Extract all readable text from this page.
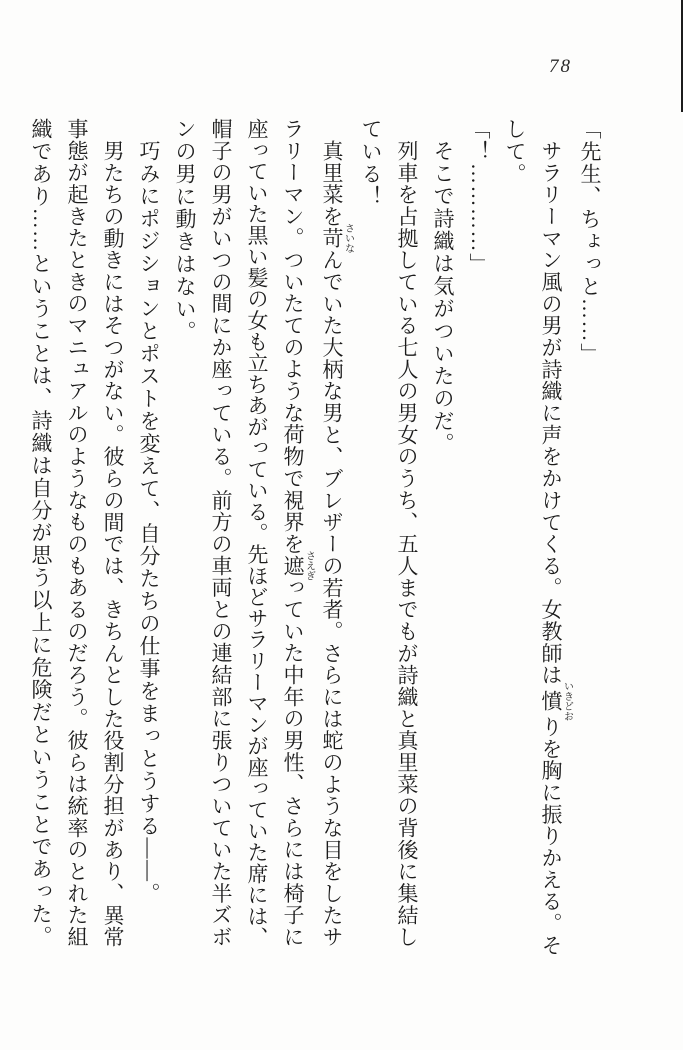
78
「先生、ちょっと……」
サラリーマン風の男が詩織に声をかけてくる。女教師は憤いきどおりを胸に振りかえる。そ
して。
「！…………」
そこで詩織は気がついたのだ。
列車を占拠している七人の男女のうち、五人までもが詩織と真里菜の背後に集結し
ている！
真里菜を苛さいなんでいた大柄な男と、ブレザーの若者。さらには蛇のような目をしたサ
ラリーマン。ついたてのような荷物で視界を遮さえぎっていた中年の男性、さらには椅子に
座っていた黒い髪の女も立ちあがっている。先ほどサラリーマンが座っていた席には、
帽子の男がいつの間にか座っている。前方の車両との連結部に張りついていた半ズボ
ンの男に動きはない。
巧みにポジションとポストを変えて、自分たちの仕事をまっとうする――。
男たちの動きにはそつがない。彼らの間では、きちんとした役割分担があり、異常
事態が起きたときのマニュアルのようなものもあるのだろう。彼らは統率のとれた組
織であり……ということは、詩織は自分が思う以上に危険だということであった。
